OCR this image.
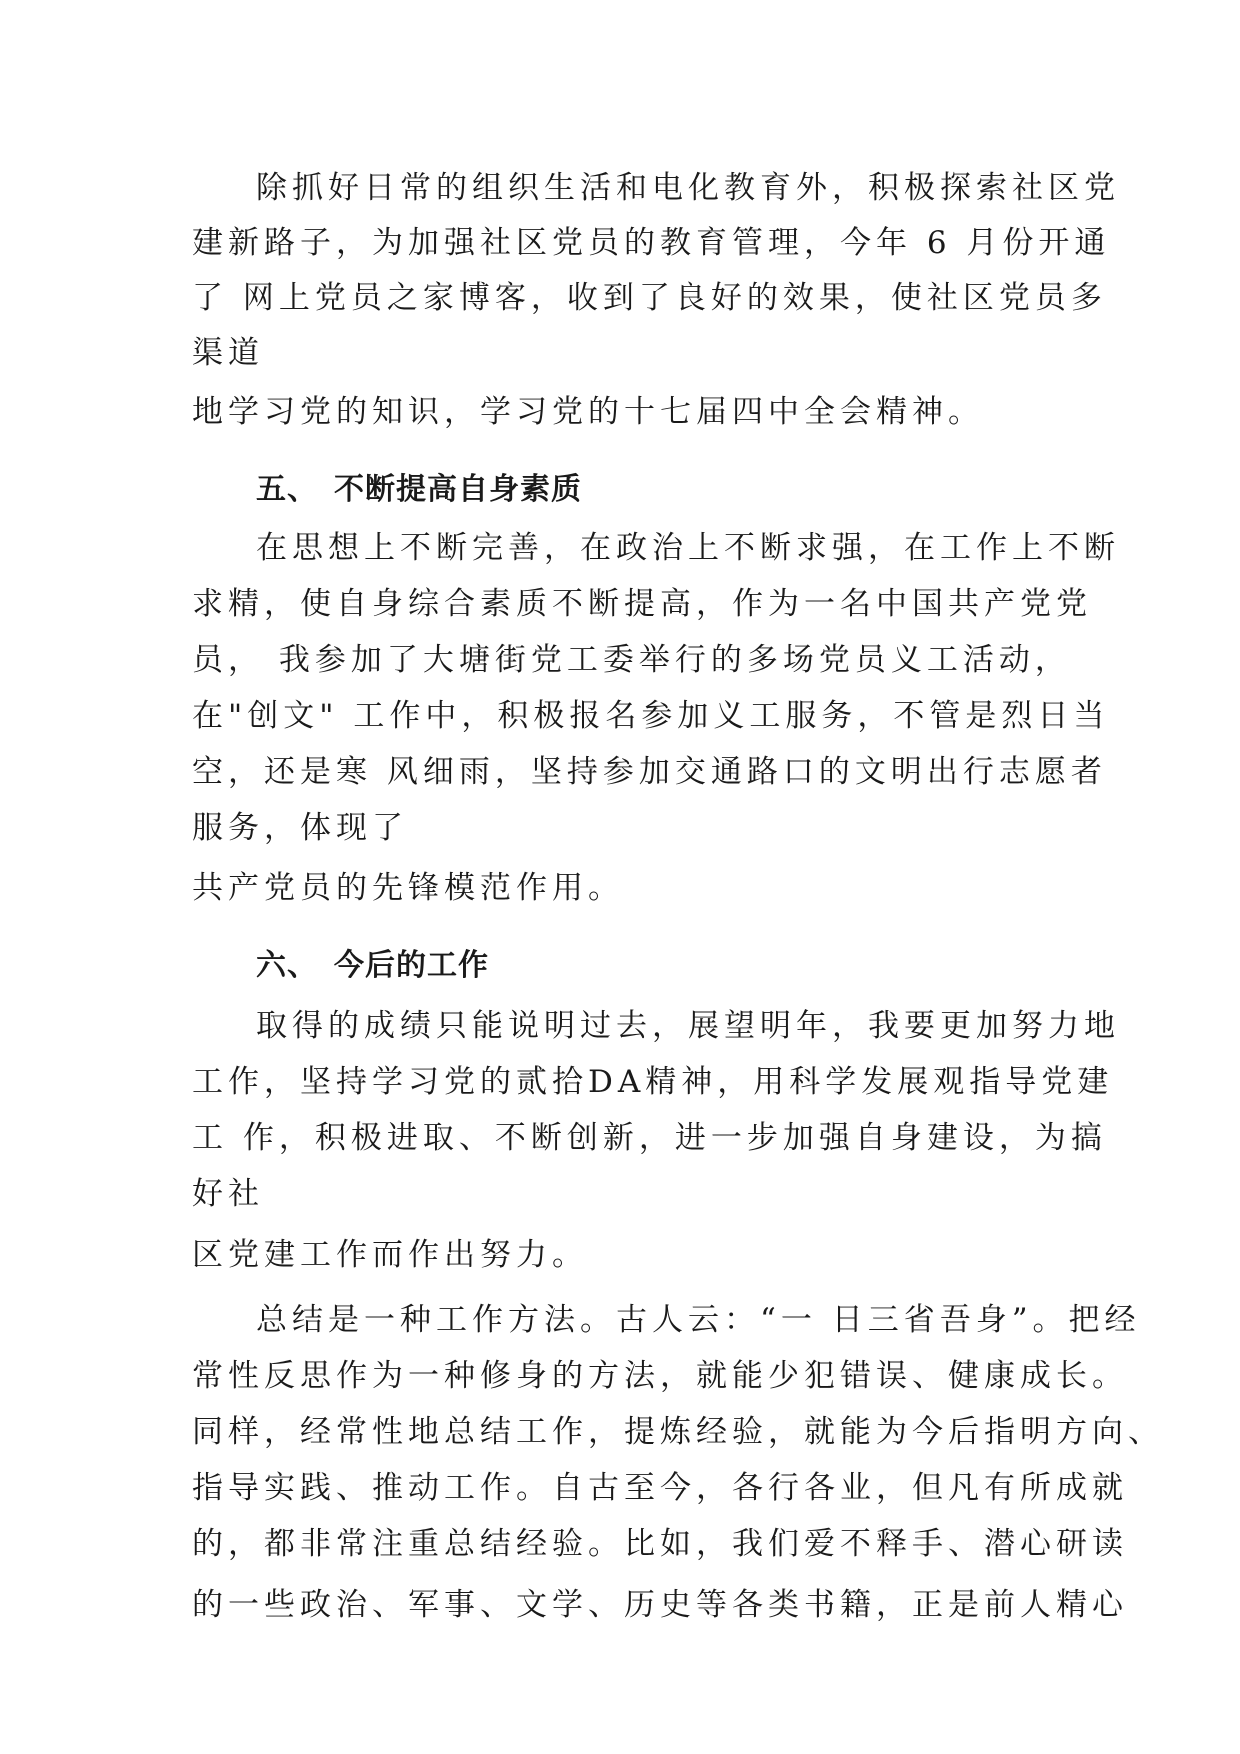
除抓好日常的组织生活和电化教育外，积极探索社区党
建新路子，为加强社区党员的教育管理，今年 6 月份开通
了 网上党员之家博客，收到了良好的效果，使社区党员多
渠道
地学习党的知识，学习党的十七届四中全会精神。
五、 不断提高自身素质
在思想上不断完善，在政治上不断求强，在工作上不断
求精，使自身综合素质不断提高，作为一名中国共产党党
员， 我参加了大塘街党工委举行的多场党员义工活动，
在"创文" 工作中，积极报名参加义工服务，不管是烈日当
空，还是寒 风细雨，坚持参加交通路口的文明出行志愿者
服务，体现了
共产党员的先锋模范作用。
六、 今后的工作
取得的成绩只能说明过去，展望明年，我要更加努力地
工作，坚持学习党的贰拾DA精神，用科学发展观指导党建
工 作，积极进取、不断创新，进一步加强自身建设，为搞
好社
区党建工作而作出努力。
总结是一种工作方法。古人云：“一 日三省吾身”。把经
常性反思作为一种修身的方法，就能少犯错误、健康成长。
同样，经常性地总结工作，提炼经验，就能为今后指明方向、
指导实践、推动工作。自古至今，各行各业，但凡有所成就
的，都非常注重总结经验。比如，我们爱不释手、潜心研读
的一些政治、军事、文学、历史等各类书籍，正是前人精心
